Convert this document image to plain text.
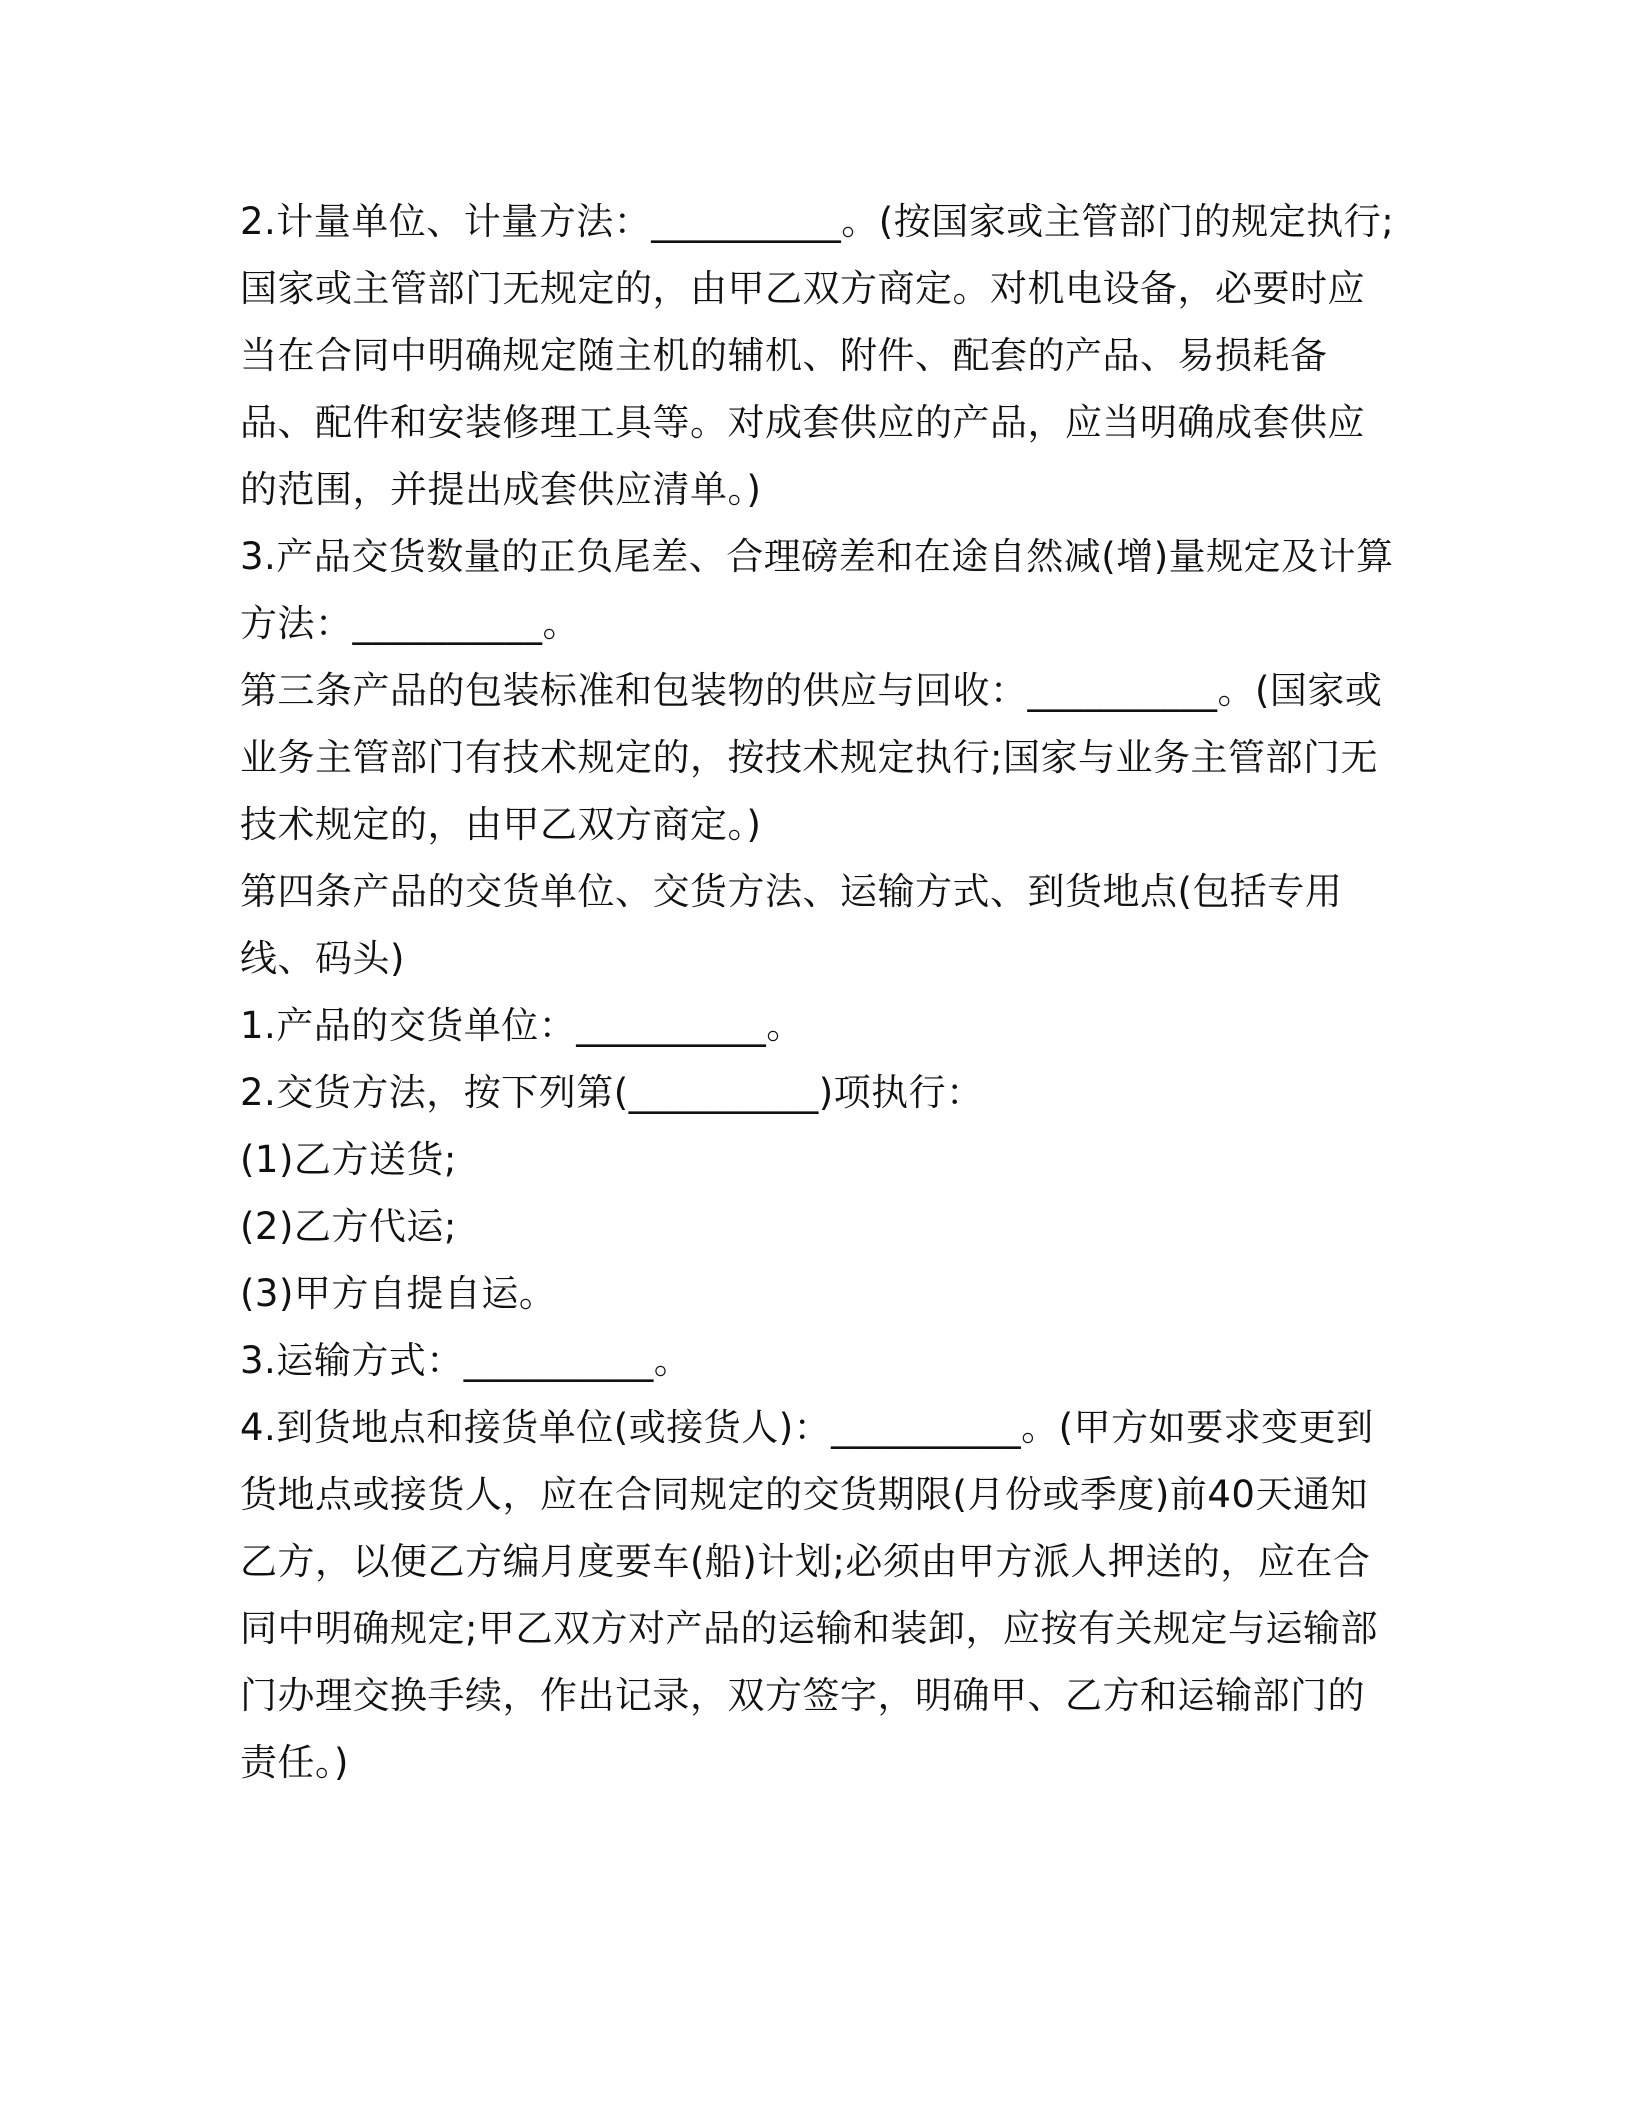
2.计量单位、计量方法：__________。(按国家或主管部门的规定执行;国家或主管部门无规定的，由甲乙双方商定。对机电设备，必要时应当在合同中明确规定随主机的辅机、附件、配套的产品、易损耗备品、配件和安装修理工具等。对成套供应的产品，应当明确成套供应的范围，并提出成套供应清单。)

3.产品交货数量的正负尾差、合理磅差和在途自然减(增)量规定及计算方法：__________。

第三条产品的包装标准和包装物的供应与回收：__________。(国家或业务主管部门有技术规定的，按技术规定执行;国家与业务主管部门无技术规定的，由甲乙双方商定。)

第四条产品的交货单位、交货方法、运输方式、到货地点(包括专用线、码头)

1.产品的交货单位：__________。

2.交货方法，按下列第(__________)项执行：

(1)乙方送货;

(2)乙方代运;

(3)甲方自提自运。

3.运输方式：__________。

4.到货地点和接货单位(或接货人)：__________。(甲方如要求变更到货地点或接货人，应在合同规定的交货期限(月份或季度)前40天通知乙方，以便乙方编月度要车(船)计划;必须由甲方派人押送的，应在合同中明确规定;甲乙双方对产品的运输和装卸，应按有关规定与运输部门办理交换手续，作出记录，双方签字，明确甲、乙方和运输部门的责任。)
